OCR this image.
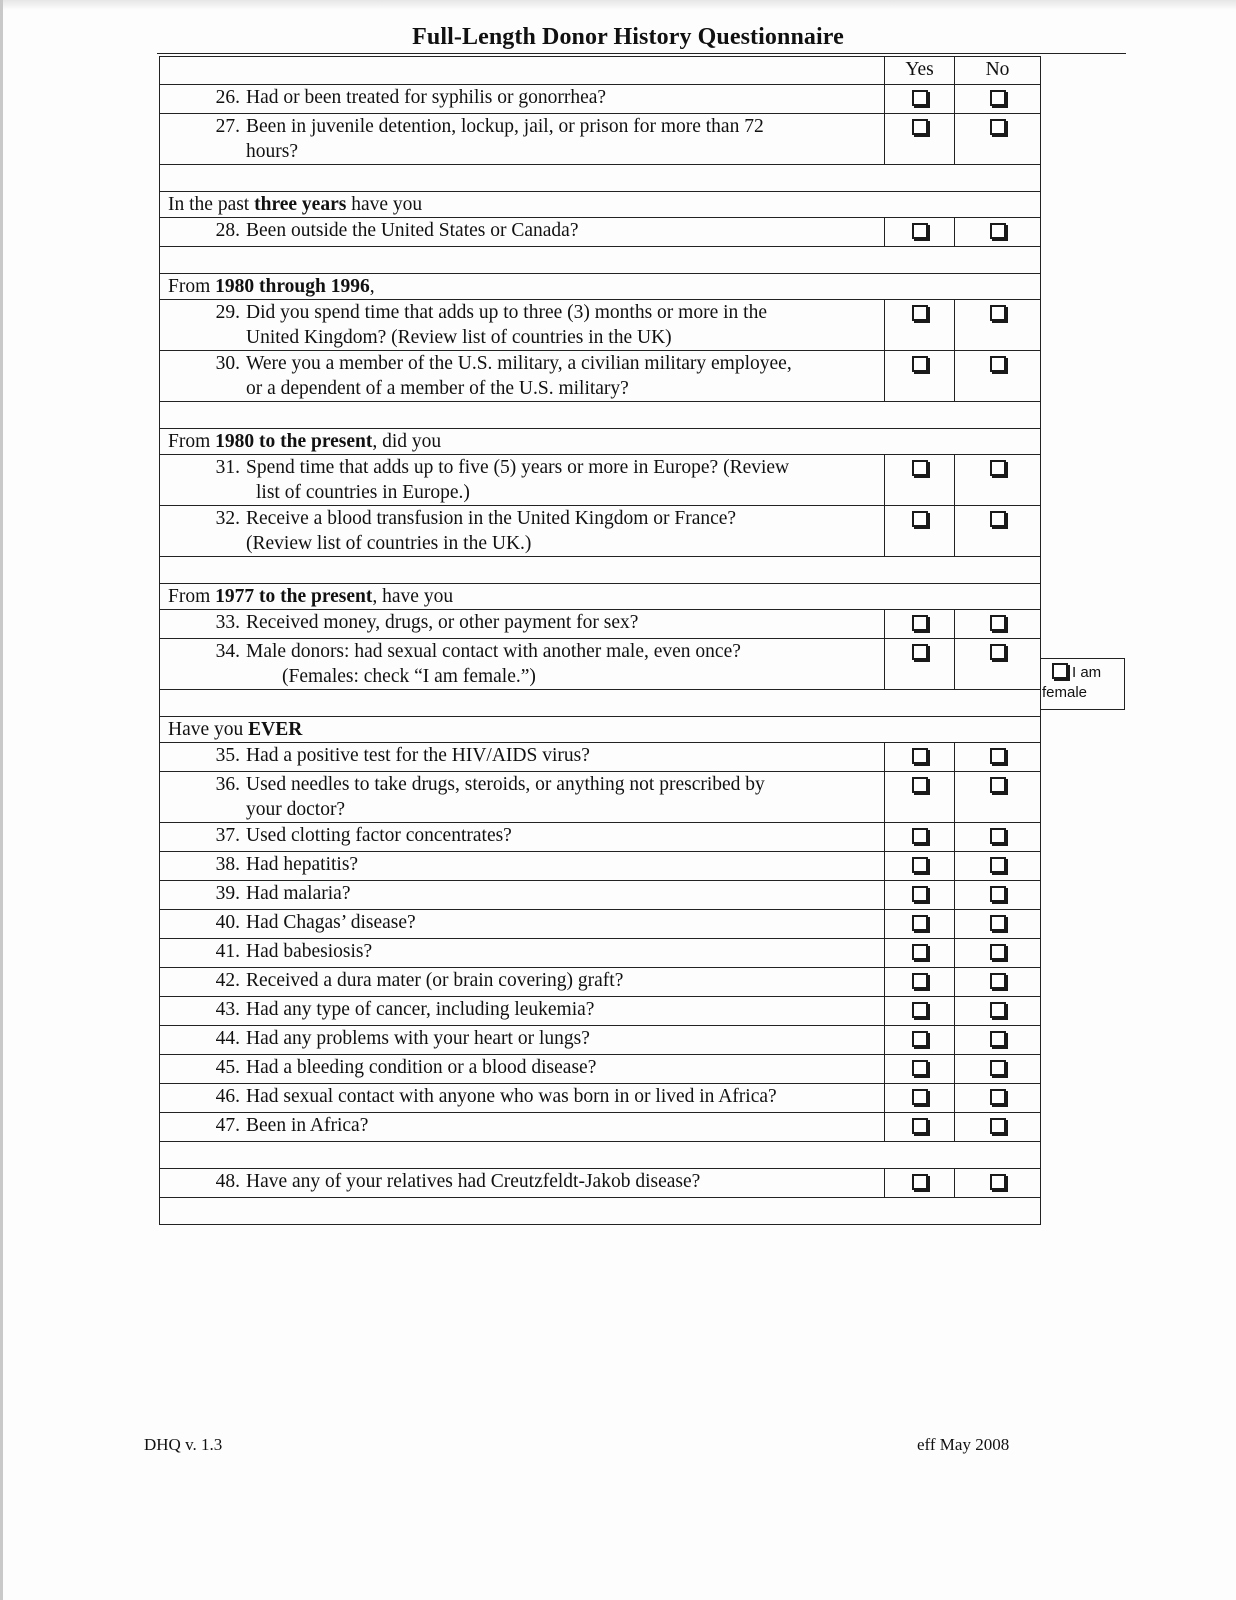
Full-Length Donor History Questionnaire
	Yes	No

26. Had or been treated for syphilis or gonorrhea?		

27. Been in juvenile detention, lockup, jail, or prison for more than 72
hours?		

In the past three years have you		

28. Been outside the United States or Canada?		

From 1980 through 1996,		

29. Did you spend time that adds up to three (3) months or more in the
United Kingdom? (Review list of countries in the UK)		

30. Were you a member of the U.S. military, a civilian military employee,
or a dependent of a member of the U.S. military?		

From 1980 to the present, did you		

31. Spend time that adds up to five (5) years or more in Europe? (Review
list of countries in Europe.)		

32. Receive a blood transfusion in the United Kingdom or France?
(Review list of countries in the UK.)		

From 1977 to the present, have you		

33. Received money, drugs, or other payment for sex?		

34. Male donors: had sexual contact with another male, even once?
(Females: check “I am female.”)		

Have you EVER		

35. Had a positive test for the HIV/AIDS virus?		

36. Used needles to take drugs, steroids, or anything not prescribed by
your doctor?		

37. Used clotting factor concentrates?		

38. Had hepatitis?		

39. Had malaria?		

40. Had Chagas’ disease?		

41. Had babesiosis?		

42. Received a dura mater (or brain covering) graft?		

43. Had any type of cancer, including leukemia?		

44. Had any problems with your heart or lungs?		

45. Had a bleeding condition or a blood disease?		

46. Had sexual contact with anyone who was born in or lived in Africa?		

47. Been in Africa?		

48. Have any of your relatives had Creutzfeldt-Jakob disease?		

I am
female
DHQ v. 1.3	eff May 2008
